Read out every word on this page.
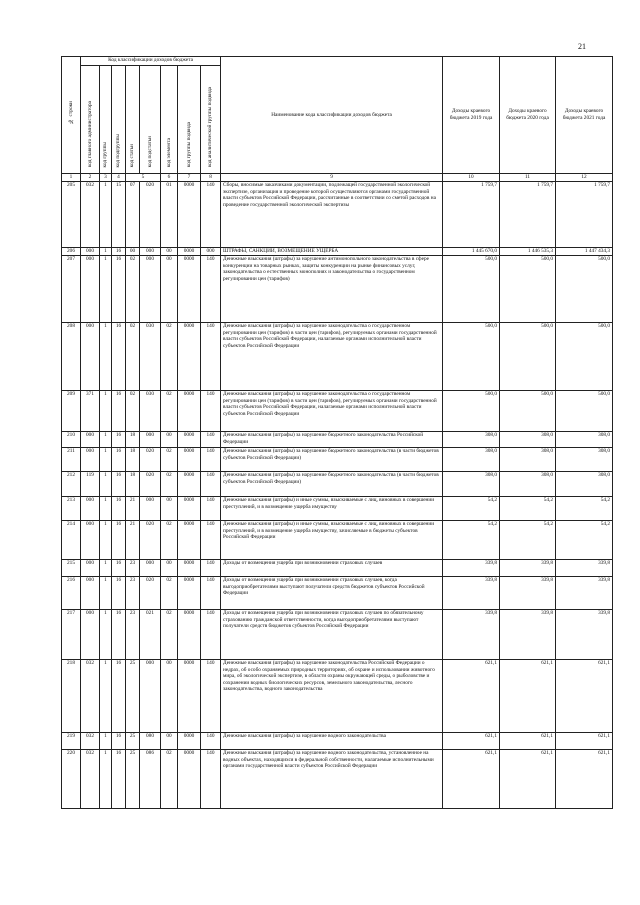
21
№ строки	Код классификации доходов бюджета								Наименование кода классификации доходов бюджета	Доходы краевого бюджета 2019 года	Доходы краевого бюджета 2020 года	Доходы краевого бюджета 2021 года
	код главного администратора	код группы	код подгруппы	код статьи	код подстатьи	код элемента	код группы подвида	код аналитической группы подвида				
1	2	3	4	5		6	7	8	9	10	11	12
205	032	1	15	07	020	01	0000	140	Сборы, вносимые заказчиками документации, подлежащей государственной экологической экспертизе, организация и проведение которой осуществляются органами государственной власти субъектов Российской Федерации, рассчитанные в соответствии со сметой расходов на проведение государственной экологической экспертизы	1 759,7	1 759,7	1 759,7
206	000	1	16	00	000	00	0000	000	ШТРАФЫ, САНКЦИИ, ВОЗМЕЩЕНИЕ УЩЕРБА	1 445 670,0	1 446 535,3	1 447 434,3
207	000	1	16	02	000	00	0000	140	Денежные взыскания (штрафы) за нарушение антимонопольного законодательства в сфере конкуренции на товарных рынках, защиты конкуренции на рынке финансовых услуг, законодательства о естественных монополиях и законодательства о государственном регулировании цен (тарифов)	500,0	500,0	500,0
208	000	1	16	02	030	02	0000	140	Денежные взыскания (штрафы) за нарушение законодательства о государственном регулировании цен (тарифов) в части цен (тарифов), регулируемых органами государственной власти субъектов Российской Федерации, налагаемые органами исполнительной власти субъектов Российской Федерации	500,0	500,0	500,0
209	371	1	16	02	030	02	0000	140	Денежные взыскания (штрафы) за нарушение законодательства о государственном регулировании цен (тарифов) в части цен (тарифов), регулируемых органами государственной власти субъектов Российской Федерации, налагаемые органами исполнительной власти субъектов Российской Федерации	500,0	500,0	500,0
210	000	1	16	18	000	00	0000	140	Денежные взыскания (штрафы) за нарушение бюджетного законодательства Российской Федерации	308,0	308,0	308,0
211	000	1	16	18	020	02	0000	140	Денежные взыскания (штрафы) за нарушение бюджетного законодательства (в части бюджетов субъектов Российской Федерации)	308,0	308,0	308,0
212	119	1	16	18	020	02	0000	140	Денежные взыскания (штрафы) за нарушение бюджетного законодательства (в части бюджетов субъектов Российской Федерации)	308,0	308,0	308,0
213	000	1	16	21	000	00	0000	140	Денежные взыскания (штрафы) и иные суммы, взыскиваемые с лиц, виновных в совершении преступлений, и в возмещение ущерба имуществу	54,2	54,2	54,2
214	000	1	16	21	020	02	0000	140	Денежные взыскания (штрафы) и иные суммы, взыскиваемые с лиц, виновных в совершении преступлений, и в возмещение ущерба имуществу, зачисляемые в бюджеты субъектов Российской Федерации	54,2	54,2	54,2
215	000	1	16	23	000	00	0000	140	Доходы от возмещения ущерба при возникновении страховых случаев	339,8	339,8	339,8
216	000	1	16	23	020	02	0000	140	Доходы от возмещения ущерба при возникновении страховых случаев, когда выгодоприобретателями выступают получатели средств бюджетов субъектов Российской Федерации	339,8	339,8	339,8
217	000	1	16	23	021	02	0000	140	Доходы от возмещения ущерба при возникновении страховых случаев по обязательному страхованию гражданской ответственности, когда выгодоприобретателями выступают получатели средств бюджетов субъектов Российской Федерации	339,8	339,8	339,8
218	032	1	16	25	000	00	0000	140	Денежные взыскания (штрафы) за нарушение законодательства Российской Федерации о недрах, об особо охраняемых природных территориях, об охране и использовании животного мира, об экологической экспертизе, в области охраны окружающей среды, о рыболовстве и сохранении водных биологических ресурсов, земельного законодательства, лесного законодательства, водного законодательства	621,1	621,1	621,1
219	032	1	16	25	080	00	0000	140	Денежные взыскания (штрафы) за нарушение водного законодательства	621,1	621,1	621,1
220	032	1	16	25	086	02	0000	140	Денежные взыскания (штрафы) за нарушение водного законодательства, установленное на водных объектах, находящихся в федеральной собственности, налагаемые исполнительными органами государственной власти субъектов Российской Федерации	621,1	621,1	621,1
